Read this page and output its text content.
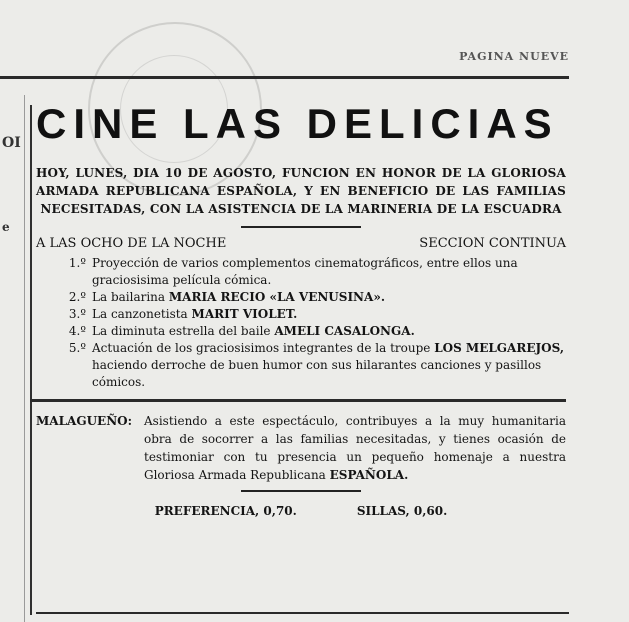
PAGINA NUEVE
OI
e
CINE LAS DELICIAS

HOY, LUNES, DIA 10 DE AGOSTO, FUNCION EN HONOR DE LA GLORIOSA ARMADA REPUBLICANA ESPAÑOLA, Y EN BENEFICIO DE LAS FAMILIAS NECESITADAS, CON LA ASISTENCIA DE LA MARINERIA DE LA ESCUADRA

A LAS OCHO DE LA NOCHE	SECCION CONTINUA
1.º Proyección de varios complementos cinematográficos, entre ellos una graciosisima película cómica.
2.º La bailarina MARIA RECIO «LA VENUSINA».
3.º La canzonetista MARIT VIOLET.
4.º La diminuta estrella del baile AMELI CASALONGA.
5.º Actuación de los graciosisimos integrantes de la troupe LOS MELGAREJOS, haciendo derroche de buen humor con sus hilarantes canciones y pasillos cómicos.
MALAGUEÑO: Asistiendo a este espectáculo, contribuyes a la muy humanitaria obra de socorrer a las familias necesitadas, y tienes ocasión de testimoniar con tu presencia un pequeño homenaje a nuestra Gloriosa Armada Republicana ESPAÑOLA.
PREFERENCIA, 0,70.	SILLAS, 0,60.
